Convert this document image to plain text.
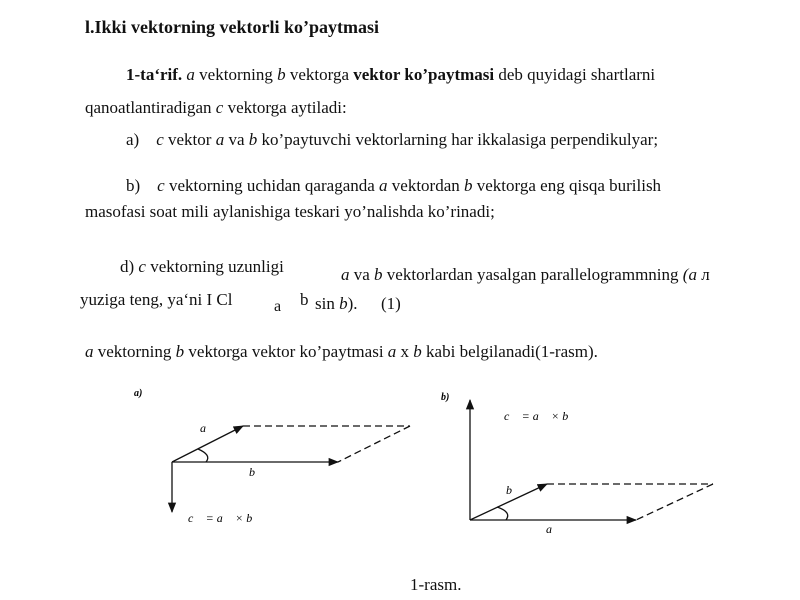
l.Ikki vektorning vektorli ko’paytmasi
1-ta‘rif. a vektorning b vektorga vektor ko’paytmasi deb quyidagi shartlarni
qanoatlantiradigan c vektorga aytiladi:
a) c vektor a va b ko’paytuvchi vektorlarning har ikkalasiga perpendikulyar;
b) c vektorning uchidan qaraganda a vektordan b vektorga eng qisqa burilish
masofasi soat mili aylanishiga teskari yo’nalishda ko’rinadi;
d) c vektorning uzunligi	a va b vektorlardan yasalgan parallelogrammning (a л
yuziga teng, ya‘ni I Cl	a b sin b). (1)
a vektorning b vektorga vektor ko’paytmasi a x b kabi belgilanadi(1-rasm).
a)
a⃗
b⃗
c⃗ = a⃗ × b⃗
b)
c⃗ = a⃗ × b⃗
b⃗
a⃗
1-rasm.
